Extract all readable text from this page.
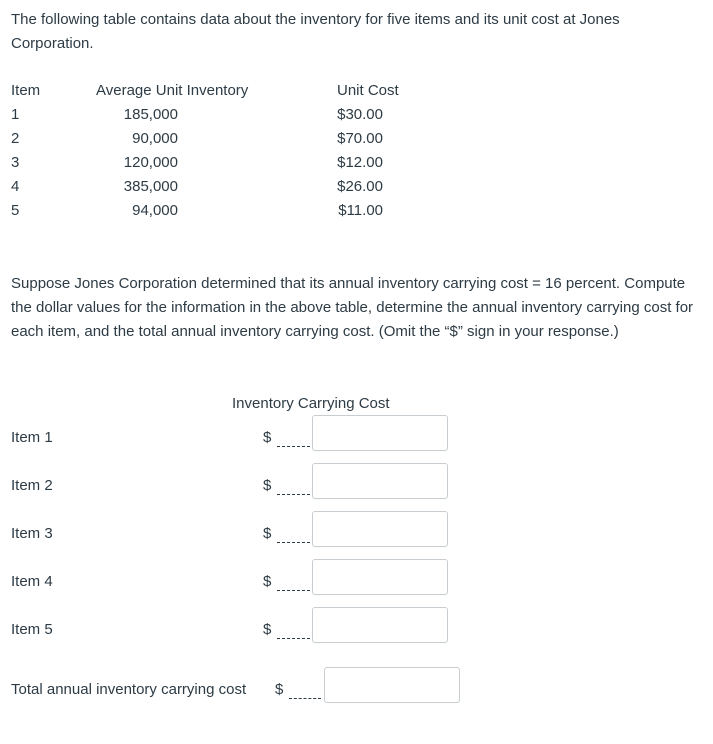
The following table contains data about the inventory for five items and its unit cost at Jones Corporation.
Item	Average Unit Inventory	Unit Cost
1	185,000	$30.00
2	90,000	$70.00
3	120,000	$12.00
4	385,000	$26.00
5	94,000	$11.00
Suppose Jones Corporation determined that its annual inventory carrying cost = 16 percent. Compute the dollar values for the information in the above table, determine the annual inventory carrying cost for each item, and the total annual inventory carrying cost. (Omit the “$” sign in your response.)
Inventory Carrying Cost
Item 1	$
Item 2	$
Item 3	$
Item 4	$
Item 5	$
Total annual inventory carrying cost $
